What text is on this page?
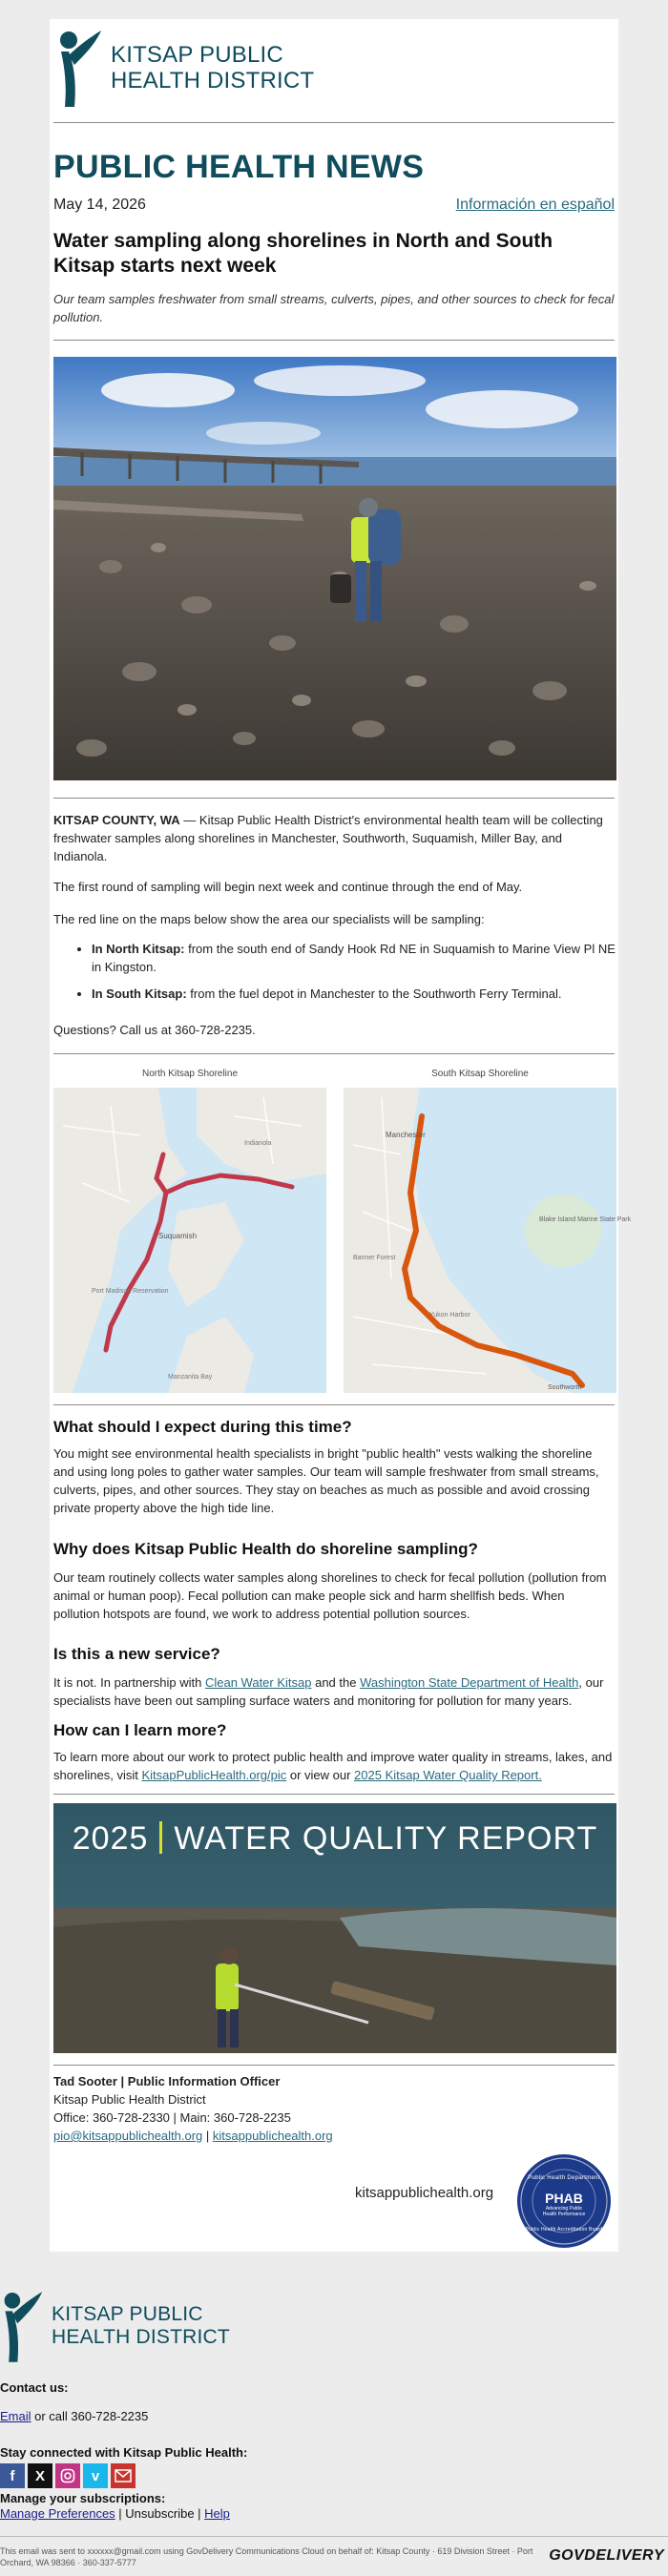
KITSAP PUBLIC
HEALTH DISTRICT
PUBLIC HEALTH NEWS
May 14, 2026	Información en español
Water sampling along shorelines in North and South Kitsap starts next week
Our team samples freshwater from small streams, culverts, pipes, and other sources to check for fecal pollution.

KITSAP COUNTY, WA — Kitsap Public Health District's environmental health team will be collecting freshwater samples along shorelines in Manchester, Southworth, Suquamish, Miller Bay, and Indianola.

The first round of sampling will begin next week and continue through the end of May.

The red line on the maps below show the area our specialists will be sampling:

• In North Kitsap: from the south end of Sandy Hook Rd NE in Suquamish to Marine View Pl NE in Kingston.
• In South Kitsap: from the fuel depot in Manchester to the Southworth Ferry Terminal.

Questions? Call us at 360-728-2235.

North Kitsap Shoreline	South Kitsap Shoreline
Suquamish
Port Madison Reservation
Manzanita Bay
Indianola
Manchester
Blake Island Marine State Park
Southworth
Yukon Harbor
Banner Forest
What should I expect during this time?

You might see environmental health specialists in bright "public health" vests walking the shoreline and using long poles to gather water samples. Our team will sample freshwater from small streams, culverts, pipes, and other sources. They stay on beaches as much as possible and avoid crossing private property above the high tide line.

Why does Kitsap Public Health do shoreline sampling?

Our team routinely collects water samples along shorelines to check for fecal pollution (pollution from animal or human poop). Fecal pollution can make people sick and harm shellfish beds. When pollution hotspots are found, we work to address potential pollution sources.

Is this a new service?

It is not. In partnership with Clean Water Kitsap and the Washington State Department of Health, our specialists have been out sampling surface waters and monitoring for pollution for many years.

How can I learn more?

To learn more about our work to protect public health and improve water quality in streams, lakes, and shorelines, visit KitsapPublicHealth.org/pic or view our 2025 Kitsap Water Quality Report.

2025 WATER QUALITY REPORT
Tad Sooter | Public Information Officer
Kitsap Public Health District
Office: 360-728-2330 | Main: 360-728-2235
pio@kitsappublichealth.org | kitsappublichealth.org
kitsappublichealth.org
Public Health Department
PHAB
Advancing Public Health Performance
Public Health Accreditation Board
KITSAP PUBLIC
HEALTH DISTRICT
Contact us:
Email or call 360-728-2235
Stay connected with Kitsap Public Health:
f	X	v
Manage your subscriptions:
Manage Preferences | Unsubscribe | Help
This email was sent to xxxxxx@gmail.com using GovDelivery Communications Cloud on behalf of: Kitsap County · 619 Division Street · Port Orchard, WA 98366 · 360-337-5777	GOVDELIVERY
